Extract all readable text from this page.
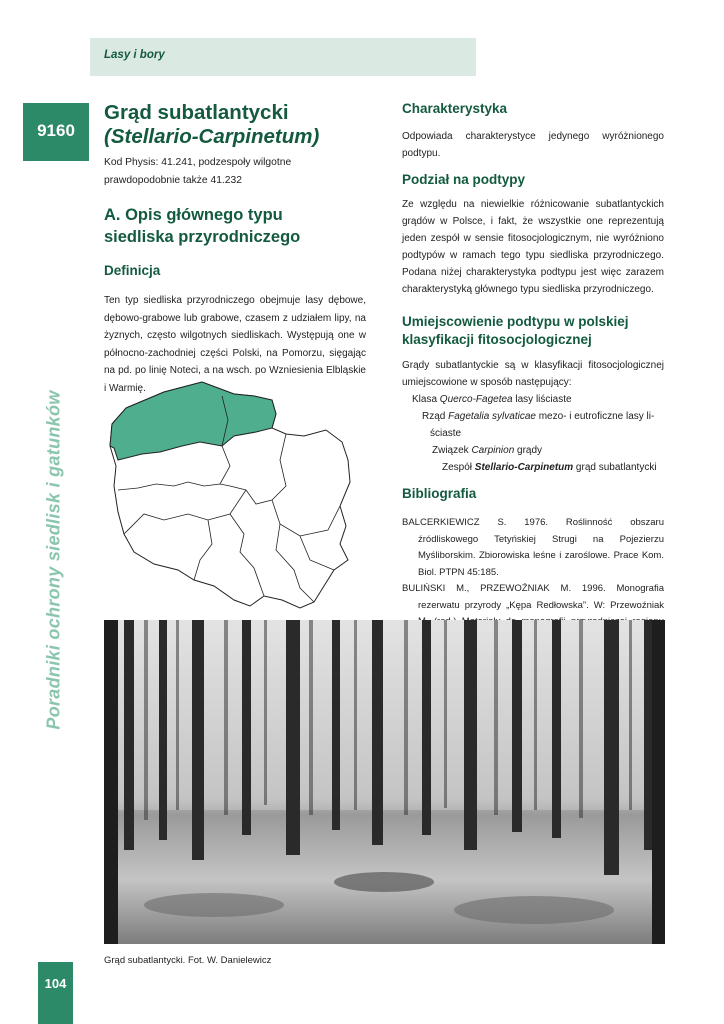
Lasy i bory
9160
Poradniki ochrony siedlisk i gatunków
104
Grąd subatlantycki
(Stellario-Carpinetum)
Kod Physis: 41.241, podzespoły wilgotne
prawdopodobnie także 41.232
A. Opis głównego typu
siedliska przyrodniczego
Definicja

Ten typ siedliska przyrodniczego obejmuje lasy dębowe, dębowo-grabowe lub grabowe, czasem z udziałem lipy, na żyznych, często wilgotnych siedliskach. Występują one w północno-zachodniej części Polski, na Pomorzu, sięgając na pd. po linię Noteci, a na wsch. po Wzniesienia Elbląskie i Warmię.

Charakterystyka

Odpowiada charakterystyce jedynego wyróżnionego podtypu.

Podział na podtypy

Ze względu na niewielkie różnicowanie subatlantyckich grądów w Polsce, i fakt, że wszystkie one reprezentują jeden zespół w sensie fitosocjologicznym, nie wyróżniono podtypów w ramach tego typu siedliska przyrodniczego. Podana niżej charakterystyka podtypu jest więc zarazem charakterystyką głównego typu siedliska przyrodniczego.

Umiejscowienie podtypu w polskiej
klasyfikacji fitosocjologicznej

Grądy subatlantyckie są w klasyfikacji fitosocjologicznej umiejscowione w sposób następujący:

Klasa Querco-Fagetea lasy liściaste
Rząd Fagetalia sylvaticae mezo- i eutroficzne lasy li-
ściaste
Związek Carpinion grądy
Zespół Stellario-Carpinetum grąd subatlantycki
Bibliografia

BALCERKIEWICZ S. 1976. Roślinność obszaru źródliskowego Tetyńskiej Strugi na Pojezierzu Myśliborskim. Zbiorowiska leśne i zaroślowe. Prace Kom. Biol. PTPN 45:185.

BULIŃSKI M., PRZEWOŹNIAK M. 1996. Monografia rezerwatu przyrody „Kępa Redłowska”. W: Przewoźniak

Grąd subatlantycki. Fot. W. Danielewicz
